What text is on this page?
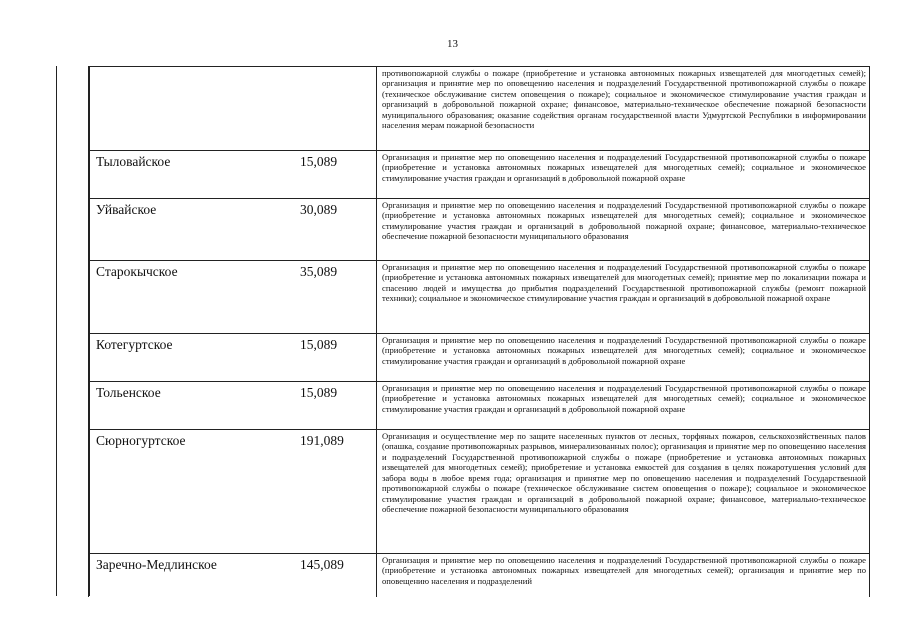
13
противопожарной службы о пожаре (приобретение и установка автономных пожарных извещателей для многодетных семей); организация и принятие мер по оповещению населения и подразделений Государственной противопожарной службы о пожаре (техническое обслуживание систем оповещения о пожаре); социальное и экономическое стимулирование участия граждан и организаций в добровольной пожарной охране; финансовое, материально-техническое обеспечение пожарной безопасности муниципального образования; оказание содействия органам государственной власти Удмуртской Республики в информировании населения мерам пожарной безопасности
Тыловайское	15,089	Организация и принятие мер по оповещению населения и подразделений Государственной противопожарной службы о пожаре (приобретение и установка автономных пожарных извещателей для многодетных семей); социальное и экономическое стимулирование участия граждан и организаций в добровольной пожарной охране
Уйвайское	30,089	Организация и принятие мер по оповещению населения и подразделений Государственной противопожарной службы о пожаре (приобретение и установка автономных пожарных извещателей для многодетных семей); социальное и экономическое стимулирование участия граждан и организаций в добровольной пожарной охране; финансовое, материально-техническое обеспечение пожарной безопасности муниципального образования
Старокычское	35,089	Организация и принятие мер по оповещению населения и подразделений Государственной противопожарной службы о пожаре (приобретение и установка автономных пожарных извещателей для многодетных семей); принятие мер по локализации пожара и спасению людей и имущества до прибытия подразделений Государственной противопожарной службы (ремонт пожарной техники); социальное и экономическое стимулирование участия граждан и организаций в добровольной пожарной охране
Котегуртское	15,089	Организация и принятие мер по оповещению населения и подразделений Государственной противопожарной службы о пожаре (приобретение и установка автономных пожарных извещателей для многодетных семей); социальное и экономическое стимулирование участия граждан и организаций в добровольной пожарной охране
Тольенское	15,089	Организация и принятие мер по оповещению населения и подразделений Государственной противопожарной службы о пожаре (приобретение и установка автономных пожарных извещателей для многодетных семей); социальное и экономическое стимулирование участия граждан и организаций в добровольной пожарной охране
Сюрногуртское	191,089	Организация и осуществление мер по защите населенных пунктов от лесных, торфяных пожаров, сельскохозяйственных палов (опашка, создание противопожарных разрывов, минерализованных полос); организация и принятие мер по оповещению населения и подразделений Государственной противопожарной службы о пожаре (приобретение и установка автономных пожарных извещателей для многодетных семей); приобретение и установка емкостей для создания в целях пожаротушения условий для забора воды в любое время года; организация и принятие мер по оповещению населения и подразделений Государственной противопожарной службы о пожаре (техническое обслуживание систем оповещения о пожаре); социальное и экономическое стимулирование участия граждан и организаций в добровольной пожарной охране; финансовое, материально-техническое обеспечение пожарной безопасности муниципального образования
Заречно-Медлинское	145,089	Организация и принятие мер по оповещению населения и подразделений Государственной противопожарной службы о пожаре (приобретение и установка автономных пожарных извещателей для многодетных семей); организация и принятие мер по оповещению населения и подразделений
